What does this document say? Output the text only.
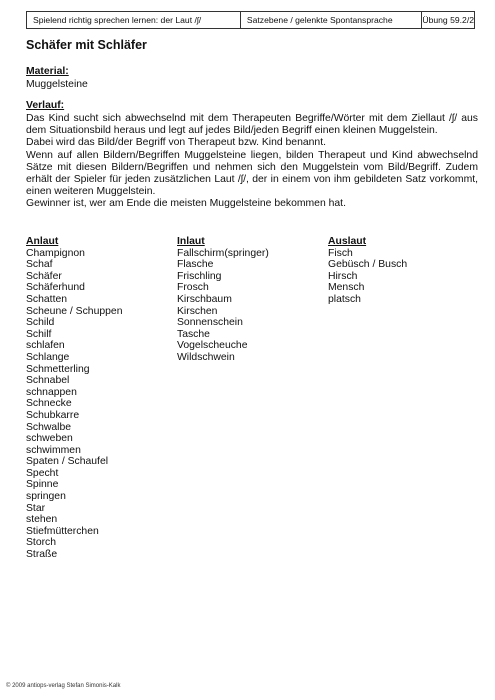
Spielend richtig sprechen lernen: der Laut /ʃ/	Satzebene / gelenkte Spontansprache	Übung 59.2/2
Schäfer mit Schläfer
Material:
Muggelsteine
Verlauf:

Das Kind sucht sich abwechselnd mit dem Therapeuten Begriffe/Wörter mit dem Ziellaut /ʃ/ aus dem Situationsbild heraus und legt auf jedes Bild/jeden Begriff einen kleinen Muggelstein.

Dabei wird das Bild/der Begriff von Therapeut bzw. Kind benannt.

Wenn auf allen Bildern/Begriffen Muggelsteine liegen, bilden Therapeut und Kind abwechselnd Sätze mit diesen Bildern/Begriffen und nehmen sich den Muggelstein vom Bild/Begriff. Zudem erhält der Spieler für jeden zusätzlichen Laut /ʃ/, der in einem von ihm gebildeten Satz vorkommt, einen weiteren Muggelstein.

Gewinner ist, wer am Ende die meisten Muggelsteine bekommen hat.

Anlaut
Champignon
Schaf
Schäfer
Schäferhund
Schatten
Scheune / Schuppen
Schild
Schilf
schlafen
Schlange
Schmetterling
Schnabel
schnappen
Schnecke
Schubkarre
Schwalbe
schweben
schwimmen
Spaten / Schaufel
Specht
Spinne
springen
Star
stehen
Stiefmütterchen
Storch
Straße
Inlaut
Fallschirm(springer)
Flasche
Frischling
Frosch
Kirschbaum
Kirschen
Sonnenschein
Tasche
Vogelscheuche
Wildschwein
Auslaut
Fisch
Gebüsch / Busch
Hirsch
Mensch
platsch
© 2009 antiops-verlag Stefan Simonis-Kalk
